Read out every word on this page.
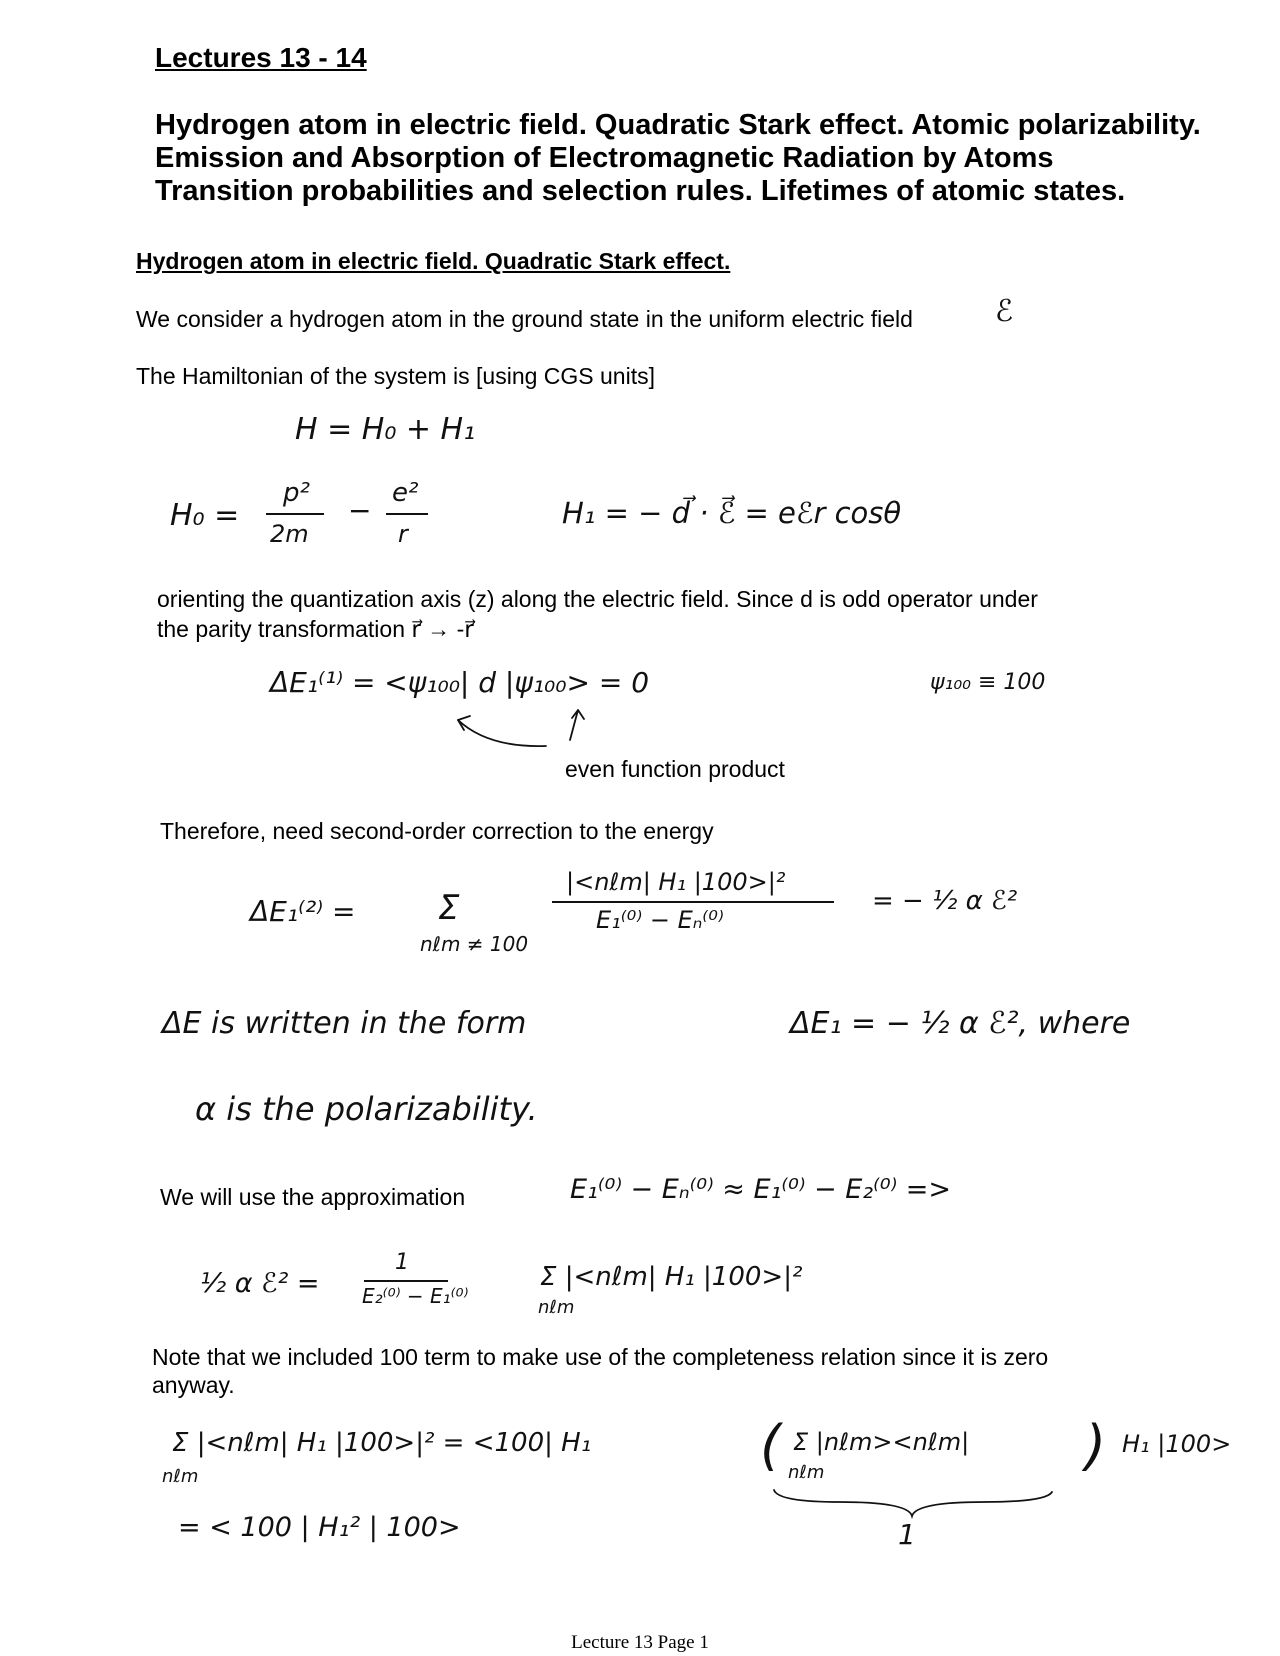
Lectures 13 - 14
Hydrogen atom in electric field. Quadratic Stark effect. Atomic polarizability.
Emission and Absorption of Electromagnetic Radiation by Atoms
Transition probabilities and selection rules. Lifetimes of atomic states.
Hydrogen atom in electric field. Quadratic Stark effect.
We consider a hydrogen atom in the ground state in the uniform electric field	ℰ
The Hamiltonian of the system is [using CGS units]
H = H₀ + H₁
H₀ =
p²
2m
−
e²
r
H₁ = − d⃗ · ℰ⃗ = eℰr cosθ
orienting the quantization axis (z) along the electric field. Since d is odd operator under
the parity transformation r⃗ → -r⃗
ΔE₁⁽¹⁾ = <ψ₁₀₀| d |ψ₁₀₀> = 0	ψ₁₀₀ ≡ 100
even function product
Therefore, need second-order correction to the energy
ΔE₁⁽²⁾ = Σ
nℓm ≠ 100
|<nℓm| H₁ |100>|²
E₁⁽⁰⁾ − Eₙ⁽⁰⁾
= − ½ α ℰ²
ΔE is written in the form	ΔE₁ = − ½ α ℰ², where
α is the polarizability.
We will use the approximation	E₁⁽⁰⁾ − Eₙ⁽⁰⁾ ≈ E₁⁽⁰⁾ − E₂⁽⁰⁾ =>
½ α ℰ² =
1
E₂⁽⁰⁾ − E₁⁽⁰⁾
Σ |<nℓm| H₁ |100>|²
nℓm
Note that we included 100 term to make use of the completeness relation since it is zero
anyway.
Σ |<nℓm| H₁ |100>|² = <100| H₁
nℓm	( Σ |nℓm><nℓm|
nℓm	) H₁ |100>
1
= < 100 | H₁² | 100>
Lecture 13 Page 1
